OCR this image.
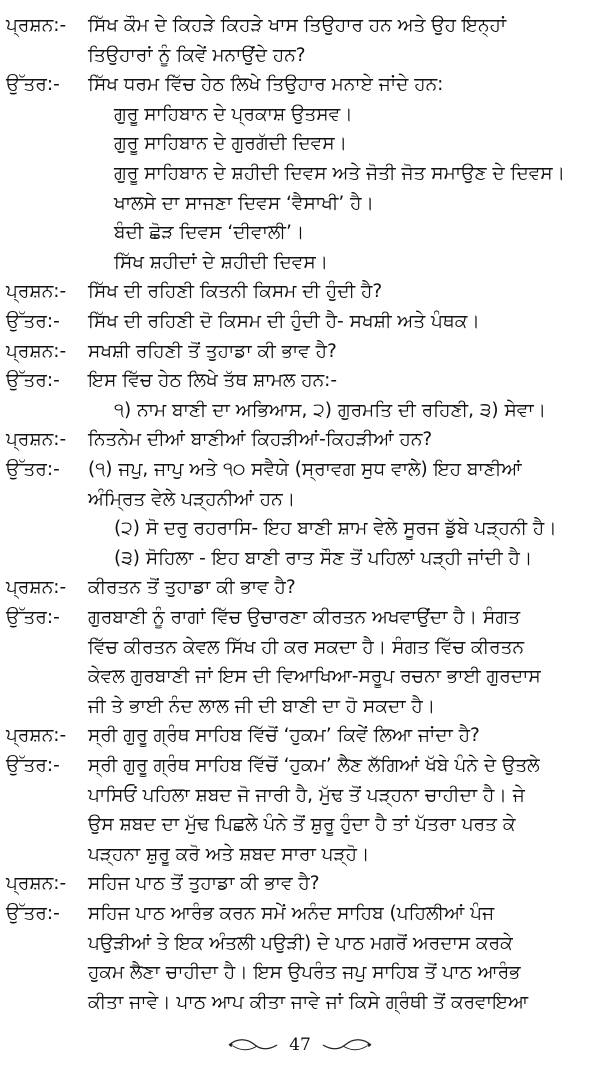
ਪ੍ਰਸ਼ਨ:- ਸਿੱਖ ਕੌਮ ਦੇ ਕਿਹੜੇ ਕਿਹੜੇ ਖਾਸ ਤਿਉਹਾਰ ਹਨ ਅਤੇ ਉਹ ਇਨ੍ਹਾਂ
ਤਿਉਹਾਰਾਂ ਨੂੰ ਕਿਵੇਂ ਮਨਾਉਂਦੇ ਹਨ?
ਉੱਤਰ:- ਸਿੱਖ ਧਰਮ ਵਿੱਚ ਹੇਠ ਲਿਖੇ ਤਿਉਹਾਰ ਮਨਾਏ ਜਾਂਦੇ ਹਨ:
ਗੁਰੂ ਸਾਹਿਬਾਨ ਦੇ ਪ੍ਰਕਾਸ਼ ਉਤਸਵ।
ਗੁਰੂ ਸਾਹਿਬਾਨ ਦੇ ਗੁਰਗੱਦੀ ਦਿਵਸ।
ਗੁਰੂ ਸਾਹਿਬਾਨ ਦੇ ਸ਼ਹੀਦੀ ਦਿਵਸ ਅਤੇ ਜੋਤੀ ਜੋਤ ਸਮਾਉਣ ਦੇ ਦਿਵਸ।
ਖਾਲਸੇ ਦਾ ਸਾਜਣਾ ਦਿਵਸ ‘ਵੈਸਾਖੀ’ ਹੈ।
ਬੰਦੀ ਛੋੜ ਦਿਵਸ ‘ਦੀਵਾਲੀ’।
ਸਿੱਖ ਸ਼ਹੀਦਾਂ ਦੇ ਸ਼ਹੀਦੀ ਦਿਵਸ।
ਪ੍ਰਸ਼ਨ:- ਸਿੱਖ ਦੀ ਰਹਿਣੀ ਕਿਤਨੀ ਕਿਸਮ ਦੀ ਹੁੰਦੀ ਹੈ?
ਉੱਤਰ:- ਸਿੱਖ ਦੀ ਰਹਿਣੀ ਦੋ ਕਿਸਮ ਦੀ ਹੁੰਦੀ ਹੈ- ਸਖਸ਼ੀ ਅਤੇ ਪੰਥਕ।
ਪ੍ਰਸ਼ਨ:- ਸਖਸ਼ੀ ਰਹਿਣੀ ਤੋਂ ਤੁਹਾਡਾ ਕੀ ਭਾਵ ਹੈ?
ਉੱਤਰ:- ਇਸ ਵਿੱਚ ਹੇਠ ਲਿਖੇ ਤੱਥ ਸ਼ਾਮਲ ਹਨ:-
੧) ਨਾਮ ਬਾਣੀ ਦਾ ਅਭਿਆਸ, ੨) ਗੁਰਮਤਿ ਦੀ ਰਹਿਣੀ, ੩) ਸੇਵਾ।
ਪ੍ਰਸ਼ਨ:- ਨਿਤਨੇਮ ਦੀਆਂ ਬਾਣੀਆਂ ਕਿਹੜੀਆਂ-ਕਿਹੜੀਆਂ ਹਨ?
ਉੱਤਰ:- (੧) ਜਪੁ, ਜਾਪੁ ਅਤੇ ੧੦ ਸਵੈਯੇ (ਸ੍ਰਾਵਗ ਸੁਧ ਵਾਲੇ) ਇਹ ਬਾਣੀਆਂ
ਅੰਮ੍ਰਿਤ ਵੇਲੇ ਪੜ੍ਹਨੀਆਂ ਹਨ।
(੨) ਸੋ ਦਰੁ ਰਹਰਾਸਿ- ਇਹ ਬਾਣੀ ਸ਼ਾਮ ਵੇਲੇ ਸੂਰਜ ਡੁੱਬੇ ਪੜ੍ਹਨੀ ਹੈ।
(੩) ਸੋਹਿਲਾ - ਇਹ ਬਾਣੀ ਰਾਤ ਸੌਣ ਤੋਂ ਪਹਿਲਾਂ ਪੜ੍ਹੀ ਜਾਂਦੀ ਹੈ।
ਪ੍ਰਸ਼ਨ:- ਕੀਰਤਨ ਤੋਂ ਤੁਹਾਡਾ ਕੀ ਭਾਵ ਹੈ?
ਉੱਤਰ:- ਗੁਰਬਾਣੀ ਨੂੰ ਰਾਗਾਂ ਵਿੱਚ ਉਚਾਰਣਾ ਕੀਰਤਨ ਅਖਵਾਉਂਦਾ ਹੈ। ਸੰਗਤ
ਵਿੱਚ ਕੀਰਤਨ ਕੇਵਲ ਸਿੱਖ ਹੀ ਕਰ ਸਕਦਾ ਹੈ। ਸੰਗਤ ਵਿੱਚ ਕੀਰਤਨ
ਕੇਵਲ ਗੁਰਬਾਣੀ ਜਾਂ ਇਸ ਦੀ ਵਿਆਖਿਆ-ਸਰੂਪ ਰਚਨਾ ਭਾਈ ਗੁਰਦਾਸ
ਜੀ ਤੇ ਭਾਈ ਨੰਦ ਲਾਲ ਜੀ ਦੀ ਬਾਣੀ ਦਾ ਹੋ ਸਕਦਾ ਹੈ।
ਪ੍ਰਸ਼ਨ:- ਸ੍ਰੀ ਗੁਰੂ ਗ੍ਰੰਥ ਸਾਹਿਬ ਵਿੱਚੋਂ ‘ਹੁਕਮ’ ਕਿਵੇਂ ਲਿਆ ਜਾਂਦਾ ਹੈ?
ਉੱਤਰ:- ਸ੍ਰੀ ਗੁਰੂ ਗ੍ਰੰਥ ਸਾਹਿਬ ਵਿੱਚੋਂ ‘ਹੁਕਮ’ ਲੈਣ ਲੱਗਿਆਂ ਖੱਬੇ ਪੰਨੇ ਦੇ ਉਤਲੇ
ਪਾਸਿਓਂ ਪਹਿਲਾ ਸ਼ਬਦ ਜੋ ਜਾਰੀ ਹੈ, ਮੁੱਢ ਤੋਂ ਪੜ੍ਹਨਾ ਚਾਹੀਦਾ ਹੈ। ਜੇ
ਉਸ ਸ਼ਬਦ ਦਾ ਮੁੱਢ ਪਿਛਲੇ ਪੰਨੇ ਤੋਂ ਸ਼ੁਰੂ ਹੁੰਦਾ ਹੈ ਤਾਂ ਪੱਤਰਾ ਪਰਤ ਕੇ
ਪੜ੍ਹਨਾ ਸ਼ੁਰੂ ਕਰੋ ਅਤੇ ਸ਼ਬਦ ਸਾਰਾ ਪੜ੍ਹੋ।
ਪ੍ਰਸ਼ਨ:- ਸਹਿਜ ਪਾਠ ਤੋਂ ਤੁਹਾਡਾ ਕੀ ਭਾਵ ਹੈ?
ਉੱਤਰ:- ਸਹਿਜ ਪਾਠ ਆਰੰਭ ਕਰਨ ਸਮੇਂ ਅਨੰਦ ਸਾਹਿਬ (ਪਹਿਲੀਆਂ ਪੰਜ
ਪਉੜੀਆਂ ਤੇ ਇਕ ਅੰਤਲੀ ਪਉੜੀ) ਦੇ ਪਾਠ ਮਗਰੋਂ ਅਰਦਾਸ ਕਰਕੇ
ਹੁਕਮ ਲੈਣਾ ਚਾਹੀਦਾ ਹੈ। ਇਸ ਉਪਰੰਤ ਜਪੁ ਸਾਹਿਬ ਤੋਂ ਪਾਠ ਆਰੰਭ
ਕੀਤਾ ਜਾਵੇ। ਪਾਠ ਆਪ ਕੀਤਾ ਜਾਵੇ ਜਾਂ ਕਿਸੇ ਗ੍ਰੰਥੀ ਤੋਂ ਕਰਵਾਇਆ
47
